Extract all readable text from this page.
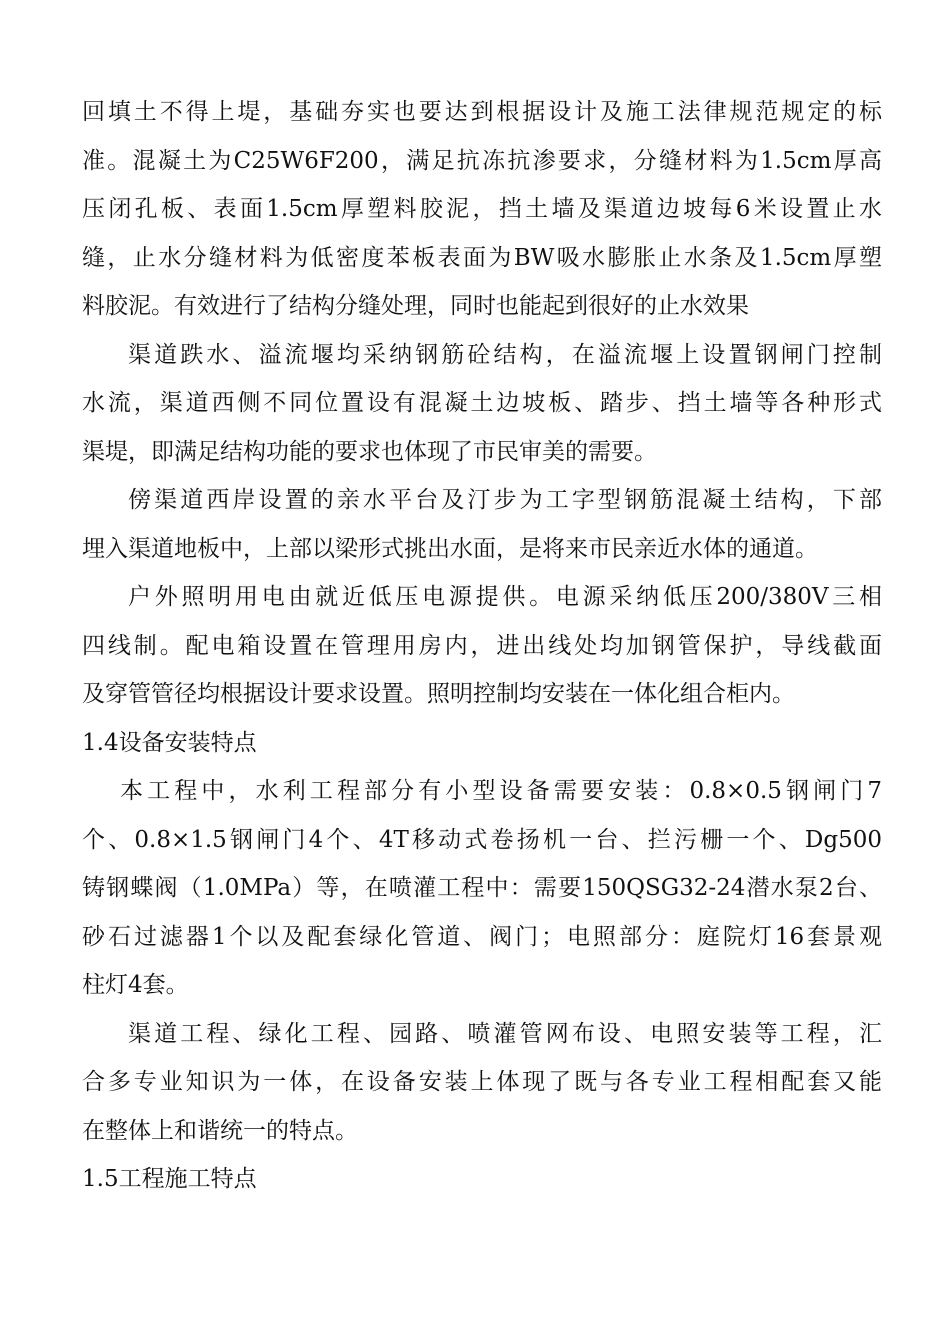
回填土不得上堤，基础夯实也要达到根据设计及施工法律规范规定的标
准。混凝土为C25W6F200，满足抗冻抗渗要求，分缝材料为1.5cm厚高
压闭孔板、表面1.5cm厚塑料胶泥，挡土墙及渠道边坡每6米设置止水
缝，止水分缝材料为低密度苯板表面为BW吸水膨胀止水条及1.5cm厚塑
料胶泥。有效进行了结构分缝处理，同时也能起到很好的止水效果
渠道跌水、溢流堰均采纳钢筋砼结构，在溢流堰上设置钢闸门控制
水流，渠道西侧不同位置设有混凝土边坡板、踏步、挡土墙等各种形式
渠堤，即满足结构功能的要求也体现了市民审美的需要。
傍渠道西岸设置的亲水平台及汀步为工字型钢筋混凝土结构，下部
埋入渠道地板中，上部以梁形式挑出水面，是将来市民亲近水体的通道。
户外照明用电由就近低压电源提供。电源采纳低压200/380V三相
四线制。配电箱设置在管理用房内，进出线处均加钢管保护，导线截面
及穿管管径均根据设计要求设置。照明控制均安装在一体化组合柜内。
1.4设备安装特点
本工程中，水利工程部分有小型设备需要安装：0.8×0.5钢闸门7
个、0.8×1.5钢闸门4个、4T移动式卷扬机一台、拦污栅一个、Dg500
铸钢蝶阀（1.0MPa）等，在喷灌工程中：需要150QSG32-24潜水泵2台、
砂石过滤器1个以及配套绿化管道、阀门；电照部分：庭院灯16套景观
柱灯4套。
渠道工程、绿化工程、园路、喷灌管网布设、电照安装等工程，汇
合多专业知识为一体，在设备安装上体现了既与各专业工程相配套又能
在整体上和谐统一的特点。
1.5工程施工特点
